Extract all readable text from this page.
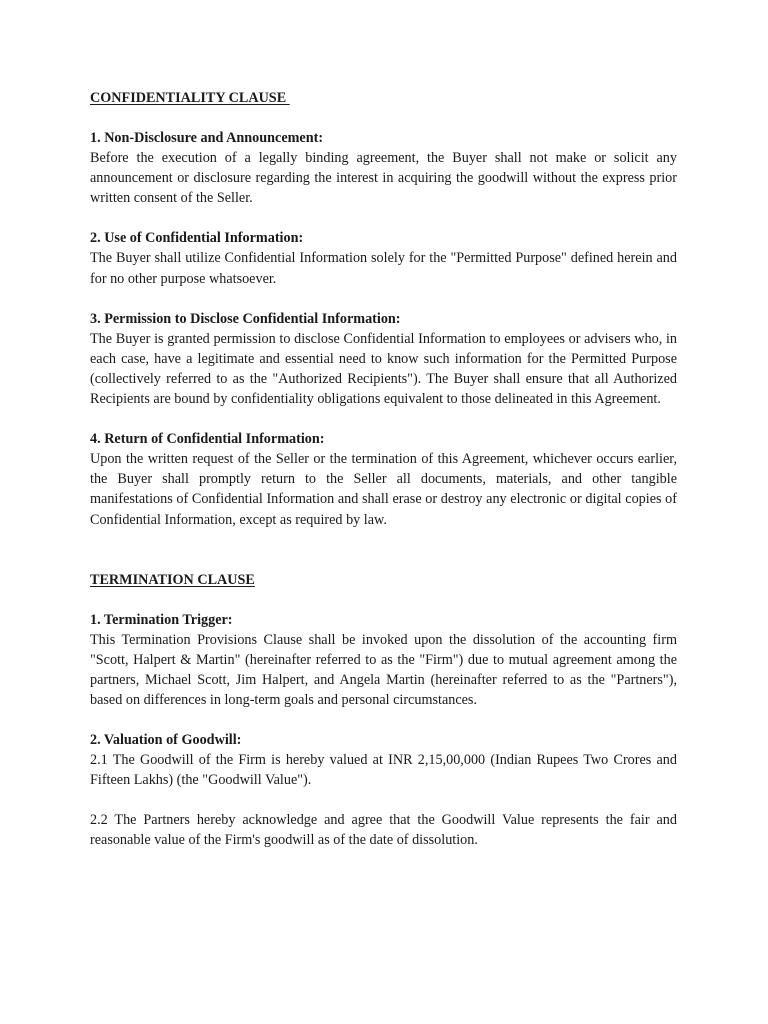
CONFIDENTIALITY CLAUSE

1. Non-Disclosure and Announcement:

Before the execution of a legally binding agreement, the Buyer shall not make or solicit any announcement or disclosure regarding the interest in acquiring the goodwill without the express prior written consent of the Seller.

2. Use of Confidential Information:

The Buyer shall utilize Confidential Information solely for the "Permitted Purpose" defined herein and for no other purpose whatsoever.

3. Permission to Disclose Confidential Information:

The Buyer is granted permission to disclose Confidential Information to employees or advisers who, in each case, have a legitimate and essential need to know such information for the Permitted Purpose (collectively referred to as the "Authorized Recipients"). The Buyer shall ensure that all Authorized Recipients are bound by confidentiality obligations equivalent to those delineated in this Agreement.

4. Return of Confidential Information:

Upon the written request of the Seller or the termination of this Agreement, whichever occurs earlier, the Buyer shall promptly return to the Seller all documents, materials, and other tangible manifestations of Confidential Information and shall erase or destroy any electronic or digital copies of Confidential Information, except as required by law.

TERMINATION CLAUSE

1. Termination Trigger:

This Termination Provisions Clause shall be invoked upon the dissolution of the accounting firm "Scott, Halpert & Martin" (hereinafter referred to as the "Firm") due to mutual agreement among the partners, Michael Scott, Jim Halpert, and Angela Martin (hereinafter referred to as the "Partners"), based on differences in long-term goals and personal circumstances.

2. Valuation of Goodwill:

2.1 The Goodwill of the Firm is hereby valued at INR 2,15,00,000 (Indian Rupees Two Crores and Fifteen Lakhs) (the "Goodwill Value").

2.2 The Partners hereby acknowledge and agree that the Goodwill Value represents the fair and reasonable value of the Firm's goodwill as of the date of dissolution.
